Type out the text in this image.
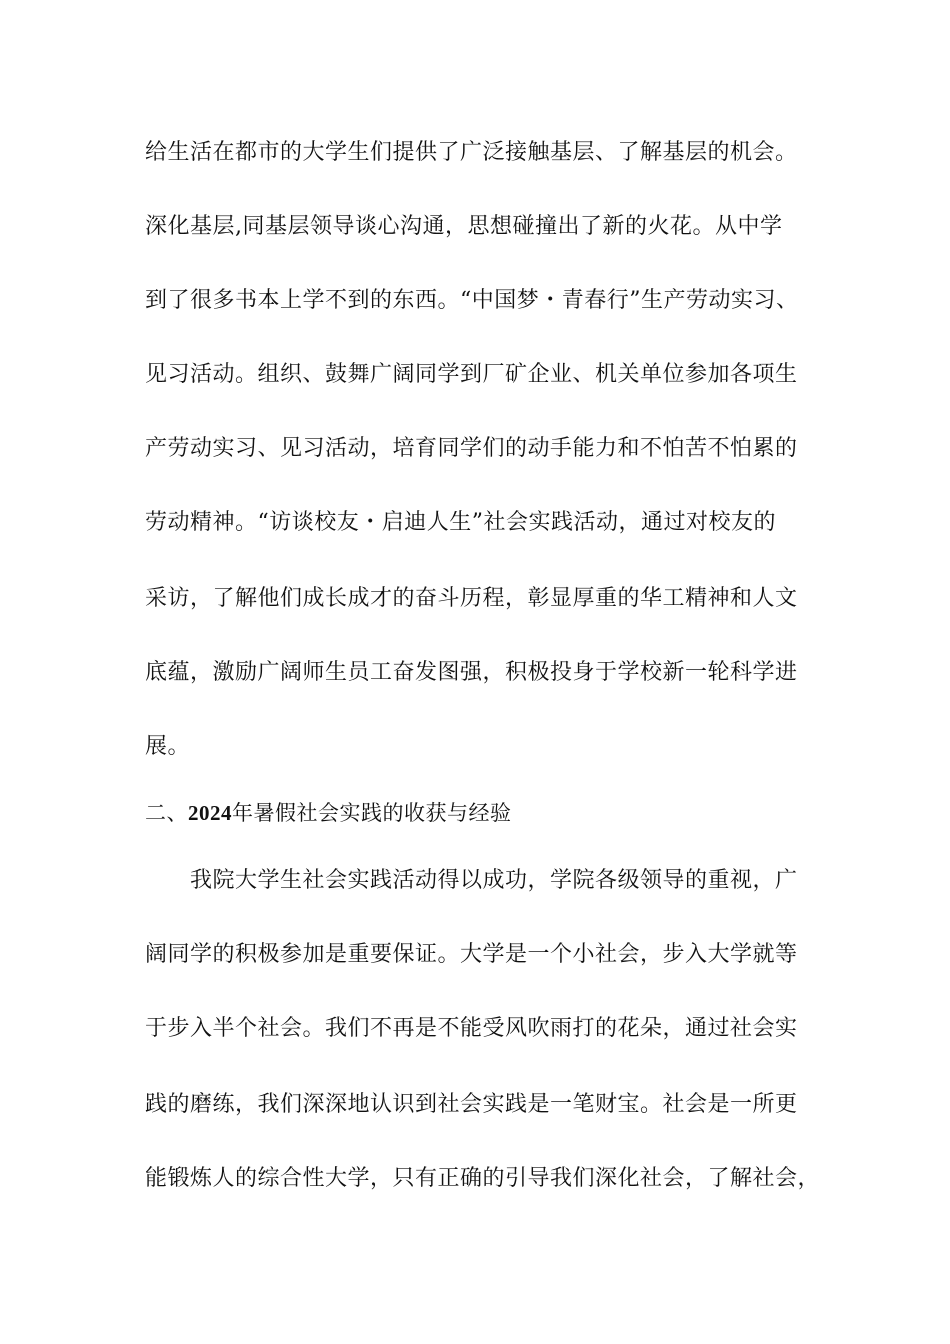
给生活在都市的大学生们提供了广泛接触基层、了解基层的机会。
深化基层,同基层领导谈心沟通，思想碰撞出了新的火花。从中学
到了很多书本上学不到的东西。“中国梦・青春行”生产劳动实习、
见习活动。组织、鼓舞广阔同学到厂矿企业、机关单位参加各项生
产劳动实习、见习活动，培育同学们的动手能力和不怕苦不怕累的
劳动精神。“访谈校友・启迪人生”社会实践活动，通过对校友的
采访，了解他们成长成才的奋斗历程，彰显厚重的华工精神和人文
底蕴，激励广阔师生员工奋发图强，积极投身于学校新一轮科学进
展。
二、2024年暑假社会实践的收获与经验
我院大学生社会实践活动得以成功，学院各级领导的重视，广
阔同学的积极参加是重要保证。大学是一个小社会，步入大学就等
于步入半个社会。我们不再是不能受风吹雨打的花朵，通过社会实
践的磨练，我们深深地认识到社会实践是一笔财宝。社会是一所更
能锻炼人的综合性大学，只有正确的引导我们深化社会，了解社会，
